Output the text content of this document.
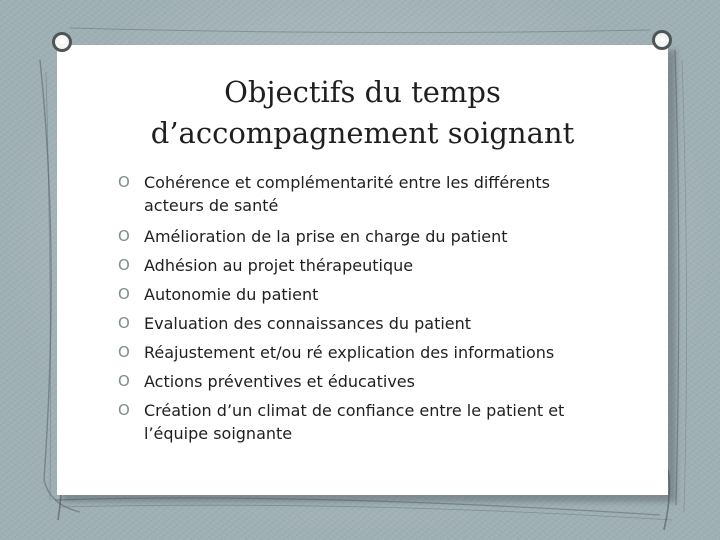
Objectifs du temps
d’accompagnement soignant
O Cohérence et complémentarité entre les différents acteurs de santé
O Amélioration de la prise en charge du patient
O Adhésion au projet thérapeutique
O Autonomie du patient
O Evaluation des connaissances du patient
O Réajustement et/ou ré explication des informations
O Actions préventives et éducatives
O Création d’un climat de confiance entre le patient et l’équipe soignante
